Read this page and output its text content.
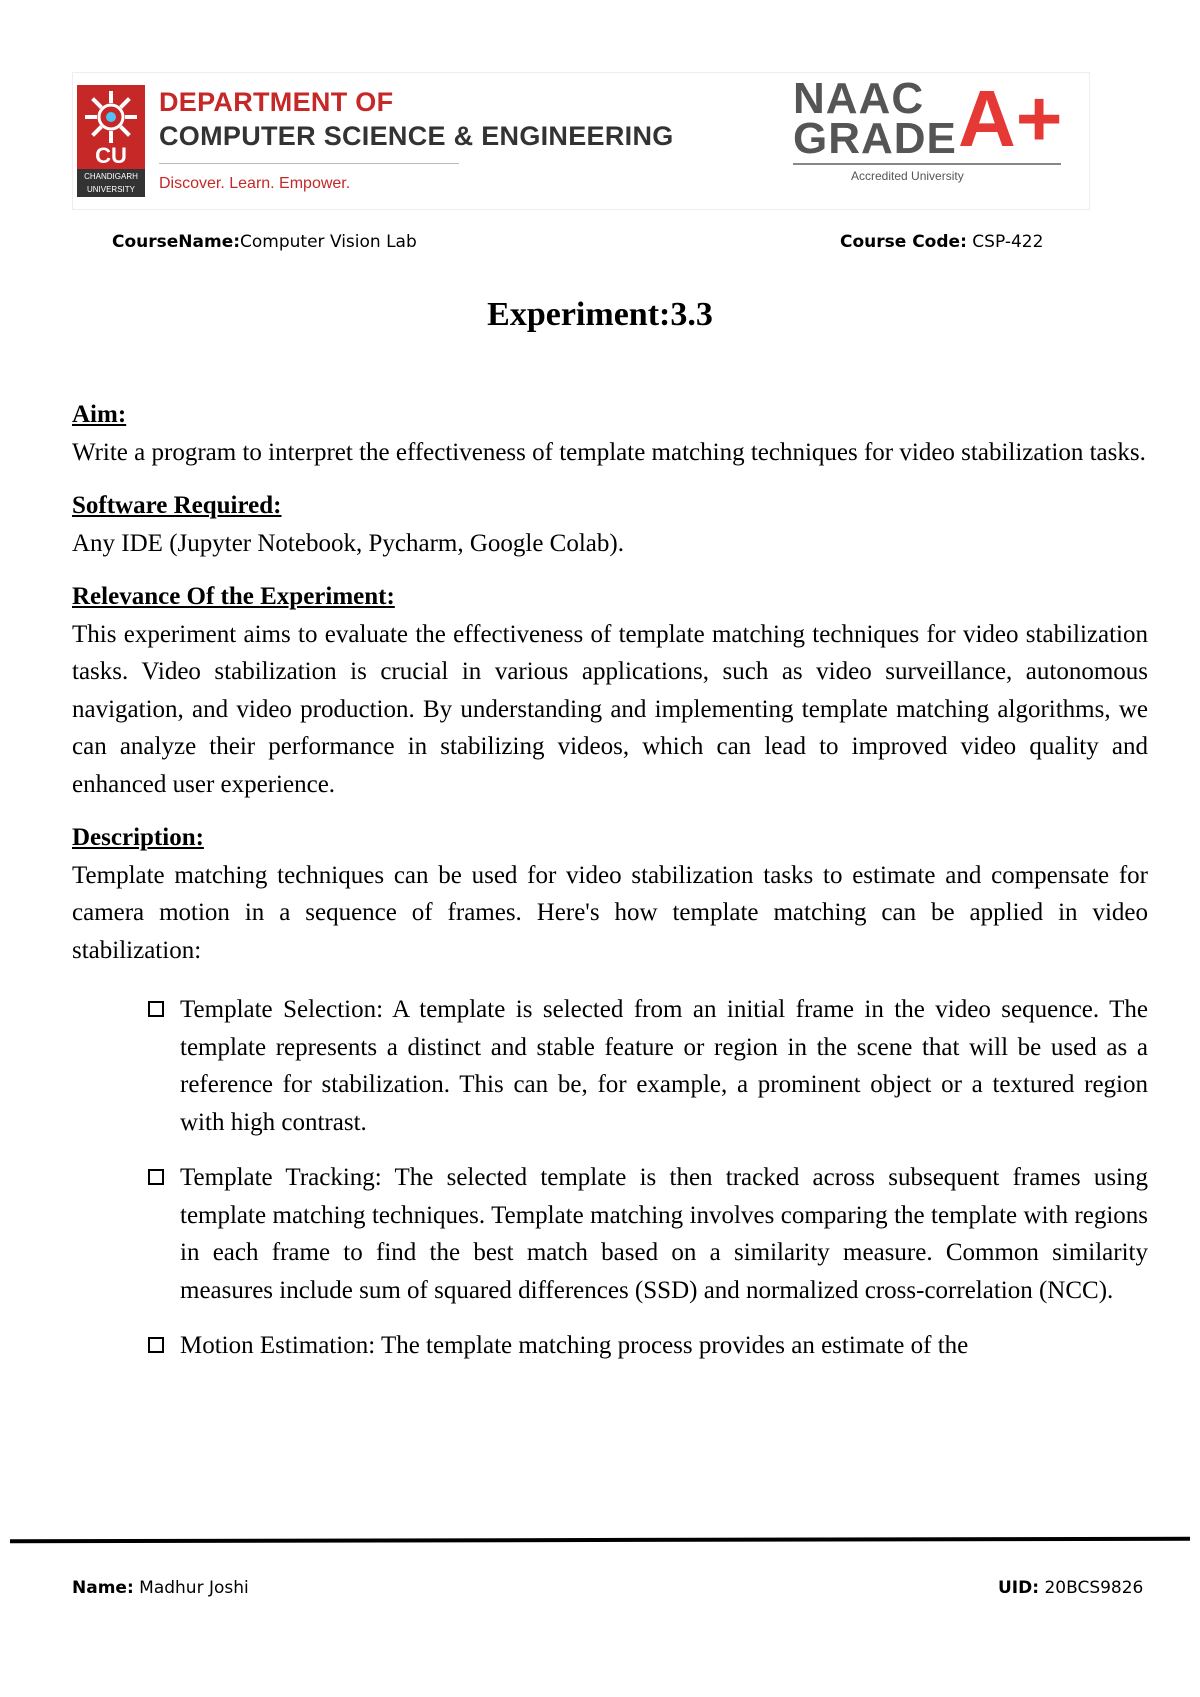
CU
CHANDIGARH UNIVERSITY
DEPARTMENT OF
COMPUTER SCIENCE & ENGINEERING
Discover. Learn. Empower.
NAAC
GRADE A+
Accredited University
CourseName:Computer Vision Lab	Course Code: CSP-422
Experiment:3.3

Aim:

Write a program to interpret the effectiveness of template matching techniques for video stabilization tasks.

Software Required:

Any IDE (Jupyter Notebook, Pycharm, Google Colab).

Relevance Of the Experiment:

This experiment aims to evaluate the effectiveness of template matching techniques for video stabilization tasks. Video stabilization is crucial in various applications, such as video surveillance, autonomous navigation, and video production. By understanding and implementing template matching algorithms, we can analyze their performance in stabilizing videos, which can lead to improved video quality and enhanced user experience.

Description:

Template matching techniques can be used for video stabilization tasks to estimate and compensate for camera motion in a sequence of frames. Here's how template matching can be applied in video stabilization:

Template Selection: A template is selected from an initial frame in the video sequence. The template represents a distinct and stable feature or region in the scene that will be used as a reference for stabilization. This can be, for example, a prominent object or a textured region with high contrast.
Template Tracking: The selected template is then tracked across subsequent frames using template matching techniques. Template matching involves comparing the template with regions in each frame to find the best match based on a similarity measure. Common similarity measures include sum of squared differences (SSD) and normalized cross-correlation (NCC).
Motion Estimation: The template matching process provides an estimate of the
Name: Madhur Joshi	UID: 20BCS9826
